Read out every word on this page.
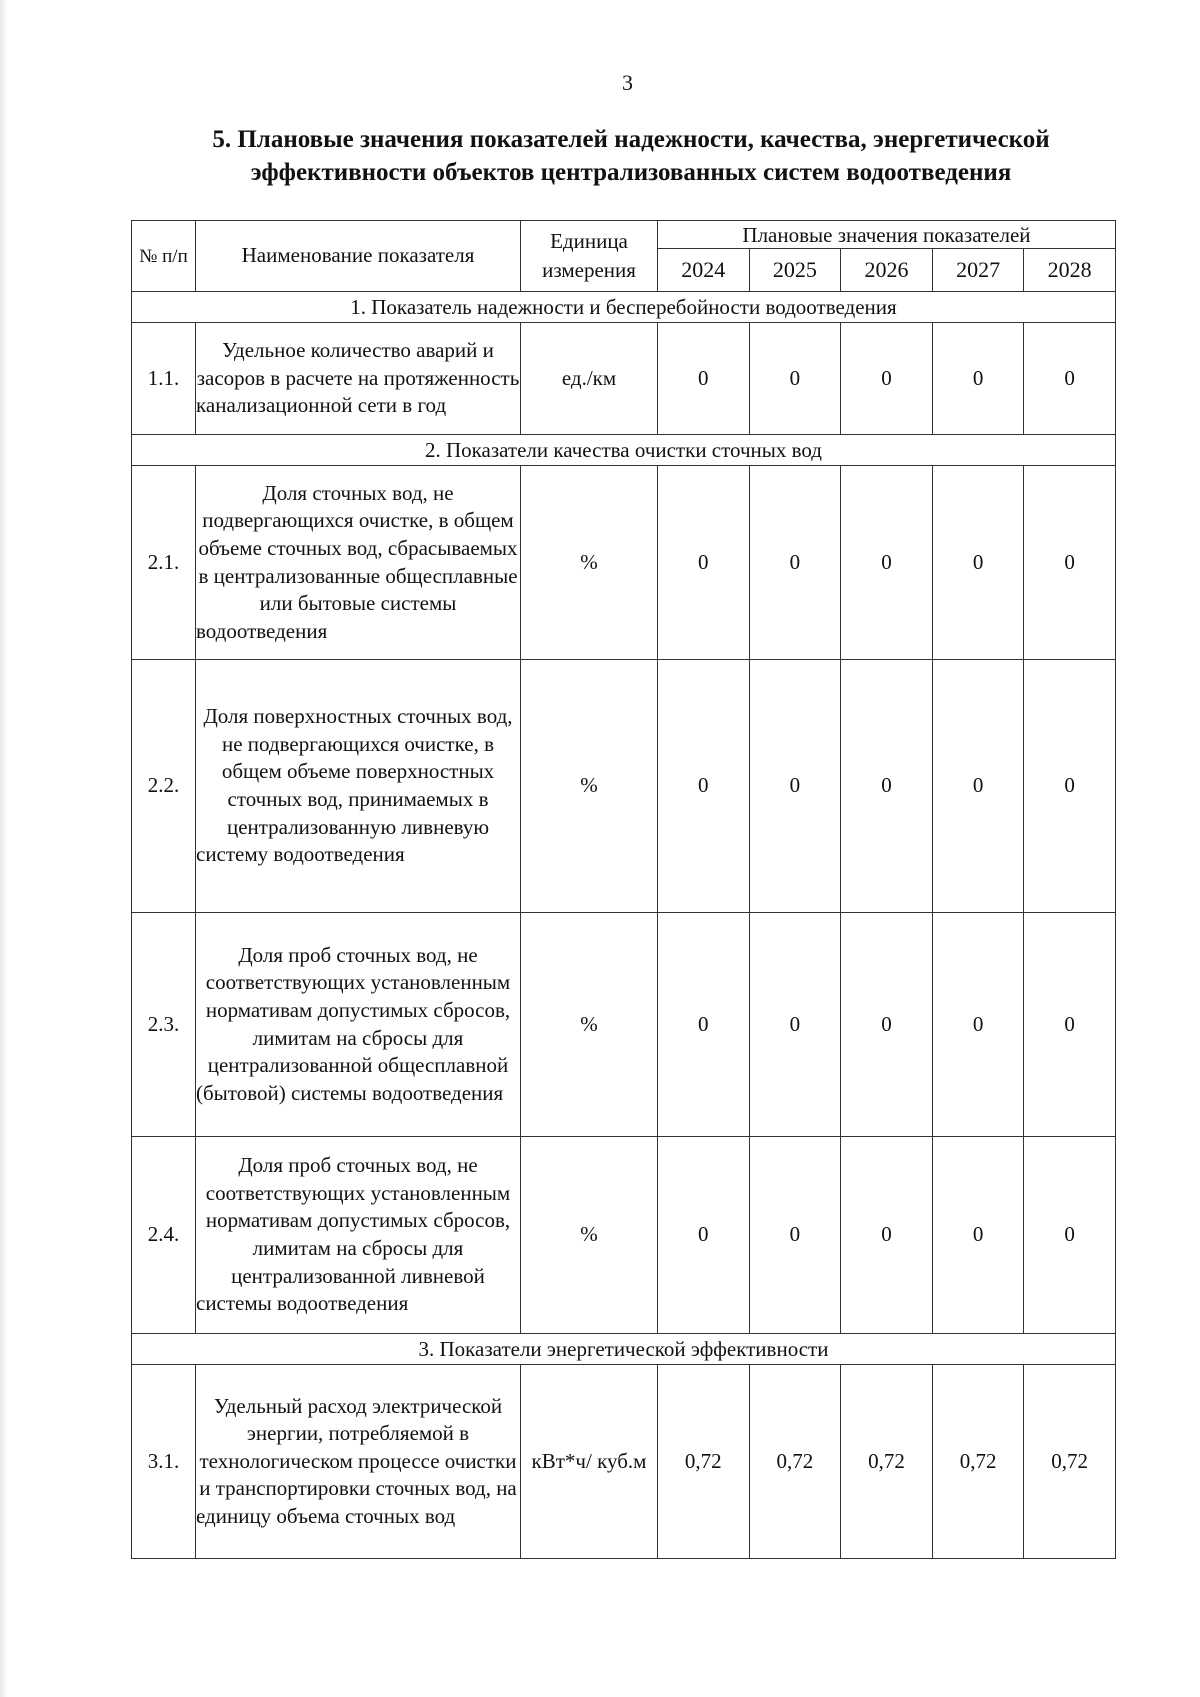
3
5. Плановые значения показателей надежности, качества, энергетической эффективности объектов централизованных систем водоотведения
№ п/п	Наименование показателя	Единица измерения	Плановые значения показателей				
			2024	2025	2026	2027	2028
1. Показатель надежности и бесперебойности водоотведения							
1.1.	Удельное количество аварий и засоров в расчете на протяженность канализационной сети в год	ед./км	0	0	0	0	0
2. Показатели качества очистки сточных вод							
2.1.	Доля сточных вод, не подвергающихся очистке, в общем объеме сточных вод, сбрасываемых в централизованные общесплавные или бытовые системы водоотведения	%	0	0	0	0	0
2.2.	Доля поверхностных сточных вод, не подвергающихся очистке, в общем объеме поверхностных сточных вод, принимаемых в централизованную ливневую систему водоотведения	%	0	0	0	0	0
2.3.	Доля проб сточных вод, не соответствующих установленным нормативам допустимых сбросов, лимитам на сбросы для централизованной общесплавной (бытовой) системы водоотведения	%	0	0	0	0	0
2.4.	Доля проб сточных вод, не соответствующих установленным нормативам допустимых сбросов, лимитам на сбросы для централизованной ливневой системы водоотведения	%	0	0	0	0	0
3. Показатели энергетической эффективности							
3.1.	Удельный расход электрической энергии, потребляемой в технологическом процессе очистки и транспортировки сточных вод, на единицу объема сточных вод	кВт*ч/ куб.м	0,72	0,72	0,72	0,72	0,72
